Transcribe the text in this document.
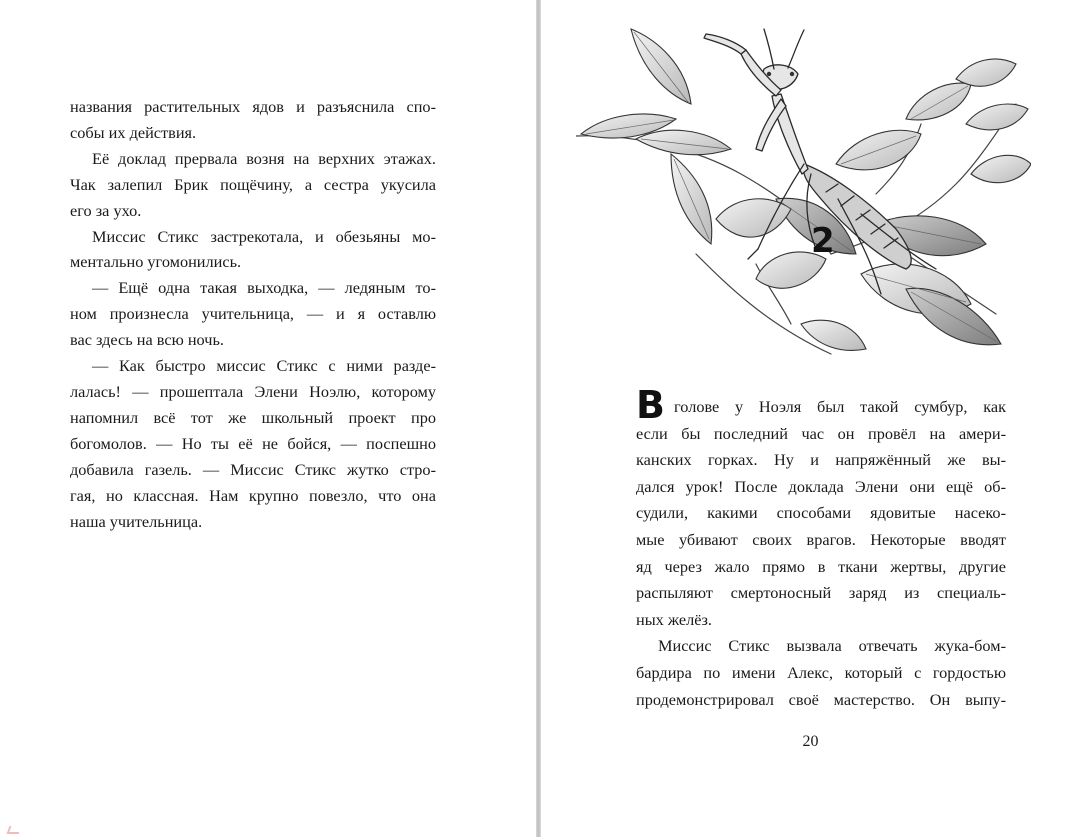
названия растительных ядов и разъяснила спо-
собы их действия.
Её доклад прервала возня на верхних этажах.
Чак залепил Брик пощёчину, а сестра укусила
его за ухо.
Миссис Стикс застрекотала, и обезьяны мо-
ментально угомонились.
— Ещё одна такая выходка, — ледяным то-
ном произнесла учительница, — и я оставлю
вас здесь на всю ночь.
— Как быстро миссис Стикс с ними разде-
лалась! — прошептала Элени Ноэлю, которому
напомнил всё тот же школьный проект про
богомолов. — Но ты её не бойся, — поспешно
добавила газель. — Миссис Стикс жутко стро-
гая, но классная. Нам крупно повезло, что она
наша учительница.
2
В голове у Ноэля был такой сумбур, как
если бы последний час он провёл на амери-
канских горках. Ну и напряжённый же вы-
дался урок! После доклада Элени они ещё об-
судили, какими способами ядовитые насеко-
мые убивают своих врагов. Некоторые вводят
яд через жало прямо в ткани жертвы, другие
распыляют смертоносный заряд из специаль-
ных желёз.
Миссис Стикс вызвала отвечать жука-бом-
бардира по имени Алекс, который с гордостью
продемонстрировал своё мастерство. Он выпу-
20
